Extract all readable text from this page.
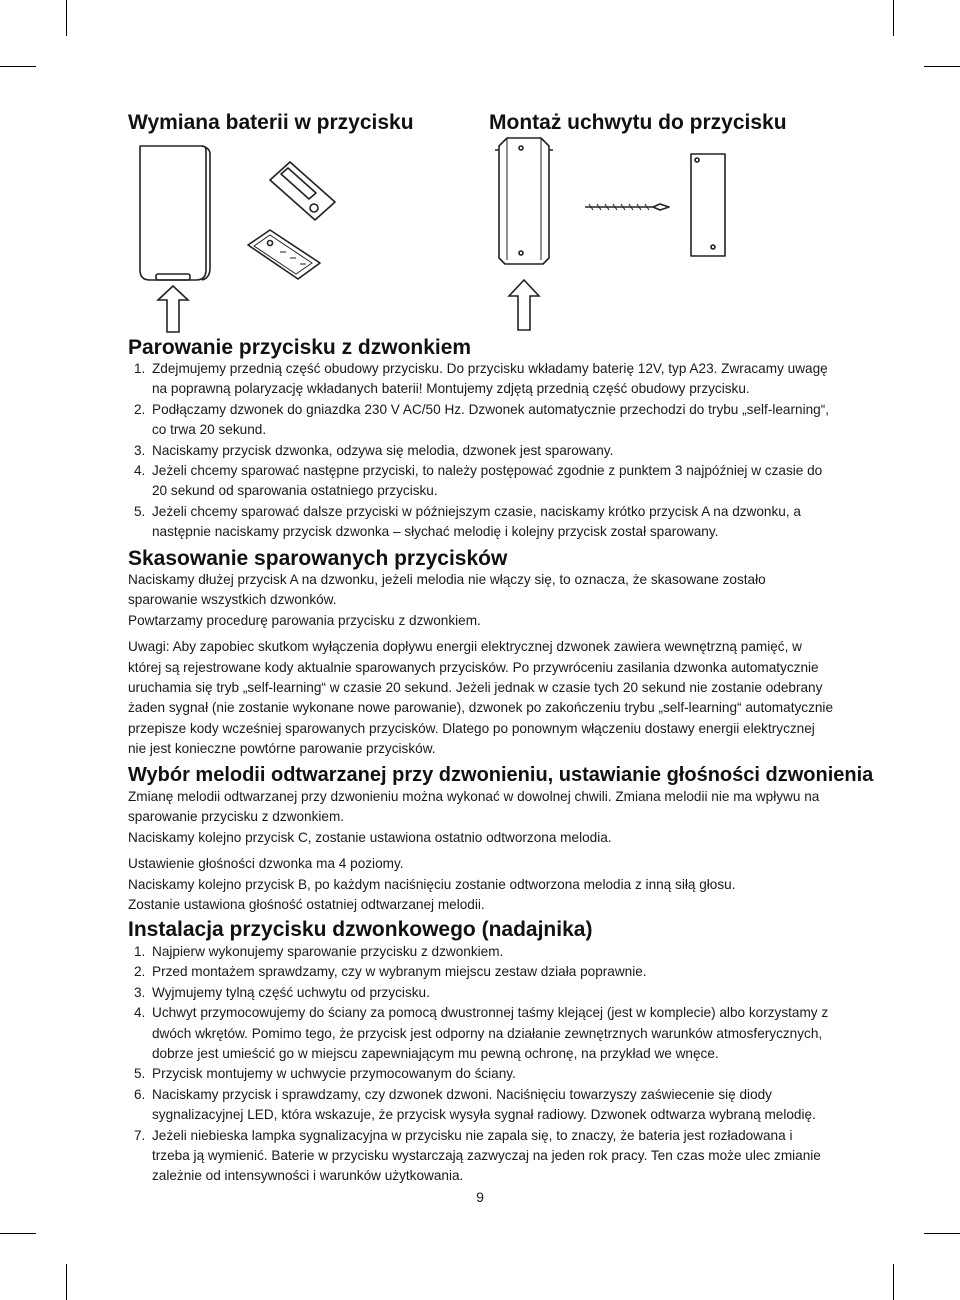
Wymiana baterii w przycisku	Montaż uchwytu do przycisku
Parowanie przycisku z dzwonkiem
1. Zdejmujemy przednią część obudowy przycisku. Do przycisku wkładamy baterię 12V, typ A23. Zwracamy uwagę na poprawną polaryzację wkładanych baterii! Montujemy zdjętą przednią część obudowy przycisku.
2. Podłączamy dzwonek do gniazdka 230 V AC/50 Hz. Dzwonek automatycznie przechodzi do trybu „self-learning“, co trwa 20 sekund.
3. Naciskamy przycisk dzwonka, odzywa się melodia, dzwonek jest sparowany.
4. Jeżeli chcemy sparować następne przyciski, to należy postępować zgodnie z punktem 3 najpóźniej w czasie do 20 sekund od sparowania ostatniego przycisku.
5. Jeżeli chcemy sparować dalsze przyciski w późniejszym czasie, naciskamy krótko przycisk A na dzwonku, a następnie naciskamy przycisk dzwonka – słychać melodię i kolejny przycisk został sparowany.
Skasowanie sparowanych przycisków

Naciskamy dłużej przycisk A na dzwonku, jeżeli melodia nie włączy się, to oznacza, że skasowane zostało sparowanie wszystkich dzwonków.

Powtarzamy procedurę parowania przycisku z dzwonkiem.

Uwagi: Aby zapobiec skutkom wyłączenia dopływu energii elektrycznej dzwonek zawiera wewnętrzną pamięć, w której są rejestrowane kody aktualnie sparowanych przycisków. Po przywróceniu zasilania dzwonka automatycznie uruchamia się tryb „self-learning“ w czasie 20 sekund. Jeżeli jednak w czasie tych 20 sekund nie zostanie odebrany żaden sygnał (nie zostanie wykonane nowe parowanie), dzwonek po zakończeniu trybu „self-learning“ automatycznie przepisze kody wcześniej sparowanych przycisków. Dlatego po ponownym włączeniu dostawy energii elektrycznej nie jest konieczne powtórne parowanie przycisków.

Wybór melodii odtwarzanej przy dzwonieniu, ustawianie głośności dzwonienia

Zmianę melodii odtwarzanej przy dzwonieniu można wykonać w dowolnej chwili. Zmiana melodii nie ma wpływu na sparowanie przycisku z dzwonkiem.

Naciskamy kolejno przycisk C, zostanie ustawiona ostatnio odtworzona melodia.

Ustawienie głośności dzwonka ma 4 poziomy.

Naciskamy kolejno przycisk B, po każdym naciśnięciu zostanie odtworzona melodia z inną siłą głosu.

Zostanie ustawiona głośność ostatniej odtwarzanej melodii.

Instalacja przycisku dzwonkowego (nadajnika)
1. Najpierw wykonujemy sparowanie przycisku z dzwonkiem.
2. Przed montażem sprawdzamy, czy w wybranym miejscu zestaw działa poprawnie.
3. Wyjmujemy tylną część uchwytu od przycisku.
4. Uchwyt przymocowujemy do ściany za pomocą dwustronnej taśmy klejącej (jest w komplecie) albo korzystamy z dwóch wkrętów. Pomimo tego, że przycisk jest odporny na działanie zewnętrznych warunków atmosferycznych, dobrze jest umieścić go w miejscu zapewniającym mu pewną ochronę, na przykład we wnęce.
5. Przycisk montujemy w uchwycie przymocowanym do ściany.
6. Naciskamy przycisk i sprawdzamy, czy dzwonek dzwoni. Naciśnięciu towarzyszy zaświecenie się diody sygnalizacyjnej LED, która wskazuje, że przycisk wysyła sygnał radiowy. Dzwonek odtwarza wybraną melodię.
7. Jeżeli niebieska lampka sygnalizacyjna w przycisku nie zapala się, to znaczy, że bateria jest rozładowana i trzeba ją wymienić. Baterie w przycisku wystarczają zazwyczaj na jeden rok pracy. Ten czas może ulec zmianie zależnie od intensywności i warunków użytkowania.
9
